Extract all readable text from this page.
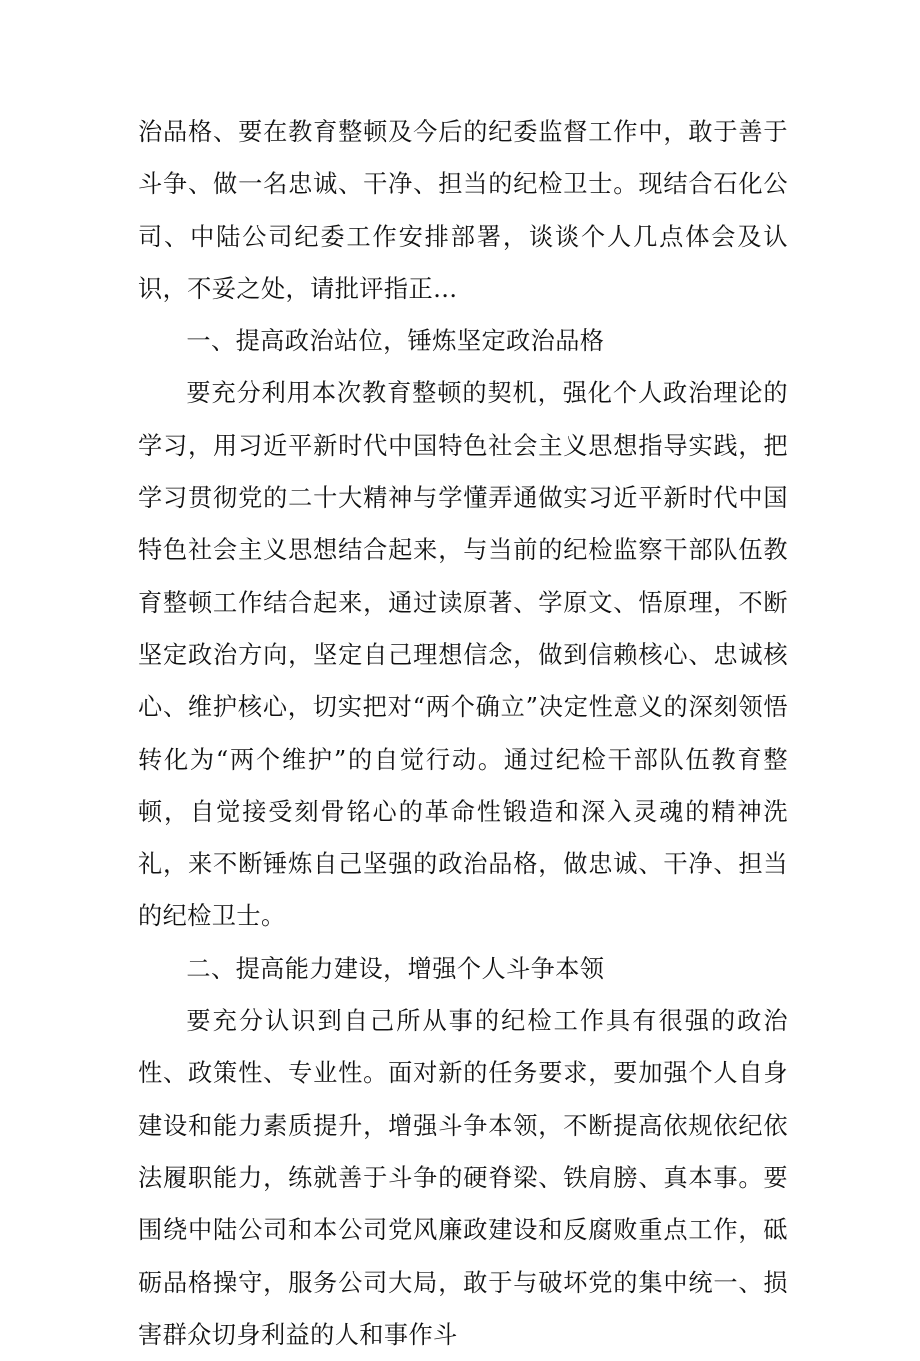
治品格、要在教育整顿及今后的纪委监督工作中，敢于善于斗争、做一名忠诚、干净、担当的纪检卫士。现结合石化公司、中陆公司纪委工作安排部署，谈谈个人几点体会及认识，不妥之处，请批评指正…

一、提高政治站位，锤炼坚定政治品格

要充分利用本次教育整顿的契机，强化个人政治理论的学习，用习近平新时代中国特色社会主义思想指导实践，把学习贯彻党的二十大精神与学懂弄通做实习近平新时代中国特色社会主义思想结合起来，与当前的纪检监察干部队伍教育整顿工作结合起来，通过读原著、学原文、悟原理，不断坚定政治方向，坚定自己理想信念，做到信赖核心、忠诚核心、维护核心，切实把对“两个确立”决定性意义的深刻领悟转化为“两个维护”的自觉行动。通过纪检干部队伍教育整顿，自觉接受刻骨铭心的革命性锻造和深入灵魂的精神洗礼，来不断锤炼自己坚强的政治品格，做忠诚、干净、担当的纪检卫士。

二、提高能力建设，增强个人斗争本领

要充分认识到自己所从事的纪检工作具有很强的政治性、政策性、专业性。面对新的任务要求，要加强个人自身建设和能力素质提升，增强斗争本领，不断提高依规依纪依法履职能力，练就善于斗争的硬脊梁、铁肩膀、真本事。要围绕中陆公司和本公司党风廉政建设和反腐败重点工作，砥砺品格操守，服务公司大局，敢于与破坏党的集中统一、损害群众切身利益的人和事作斗
